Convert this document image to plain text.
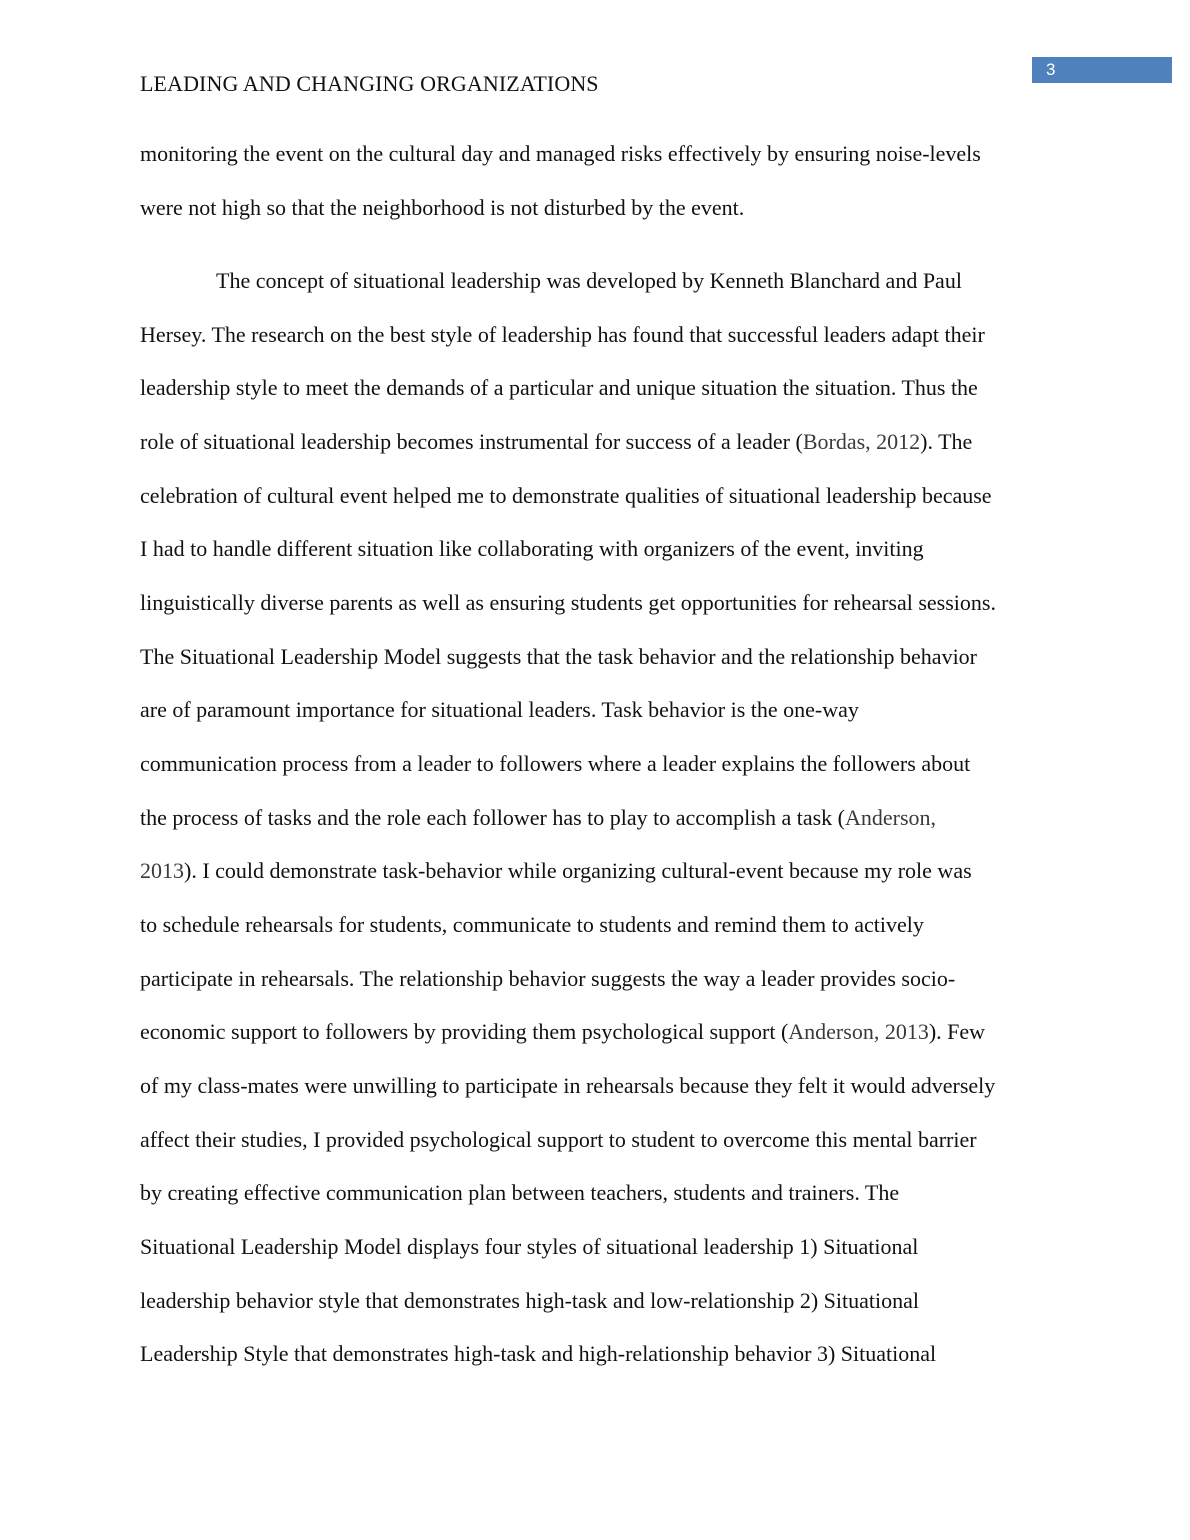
LEADING AND CHANGING ORGANIZATIONS
3
monitoring the event on the cultural day and managed risks effectively by ensuring noise-levels
were not high so that the neighborhood is not disturbed by the event.
The concept of situational leadership was developed by Kenneth Blanchard and Paul
Hersey. The research on the best style of leadership has found that successful leaders adapt their
leadership style to meet the demands of a particular and unique situation the situation. Thus the
role of situational leadership becomes instrumental for success of a leader (Bordas, 2012). The
celebration of cultural event helped me to demonstrate qualities of situational leadership because
I had to handle different situation like collaborating with organizers of the event, inviting
linguistically diverse parents as well as ensuring students get opportunities for rehearsal sessions.
The Situational Leadership Model suggests that the task behavior and the relationship behavior
are of paramount importance for situational leaders. Task behavior is the one-way
communication process from a leader to followers where a leader explains the followers about
the process of tasks and the role each follower has to play to accomplish a task (Anderson,
2013). I could demonstrate task-behavior while organizing cultural-event because my role was
to schedule rehearsals for students, communicate to students and remind them to actively
participate in rehearsals. The relationship behavior suggests the way a leader provides socio-
economic support to followers by providing them psychological support (Anderson, 2013). Few
of my class-mates were unwilling to participate in rehearsals because they felt it would adversely
affect their studies, I provided psychological support to student to overcome this mental barrier
by creating effective communication plan between teachers, students and trainers. The
Situational Leadership Model displays four styles of situational leadership 1) Situational
leadership behavior style that demonstrates high-task and low-relationship 2) Situational
Leadership Style that demonstrates high-task and high-relationship behavior 3) Situational
